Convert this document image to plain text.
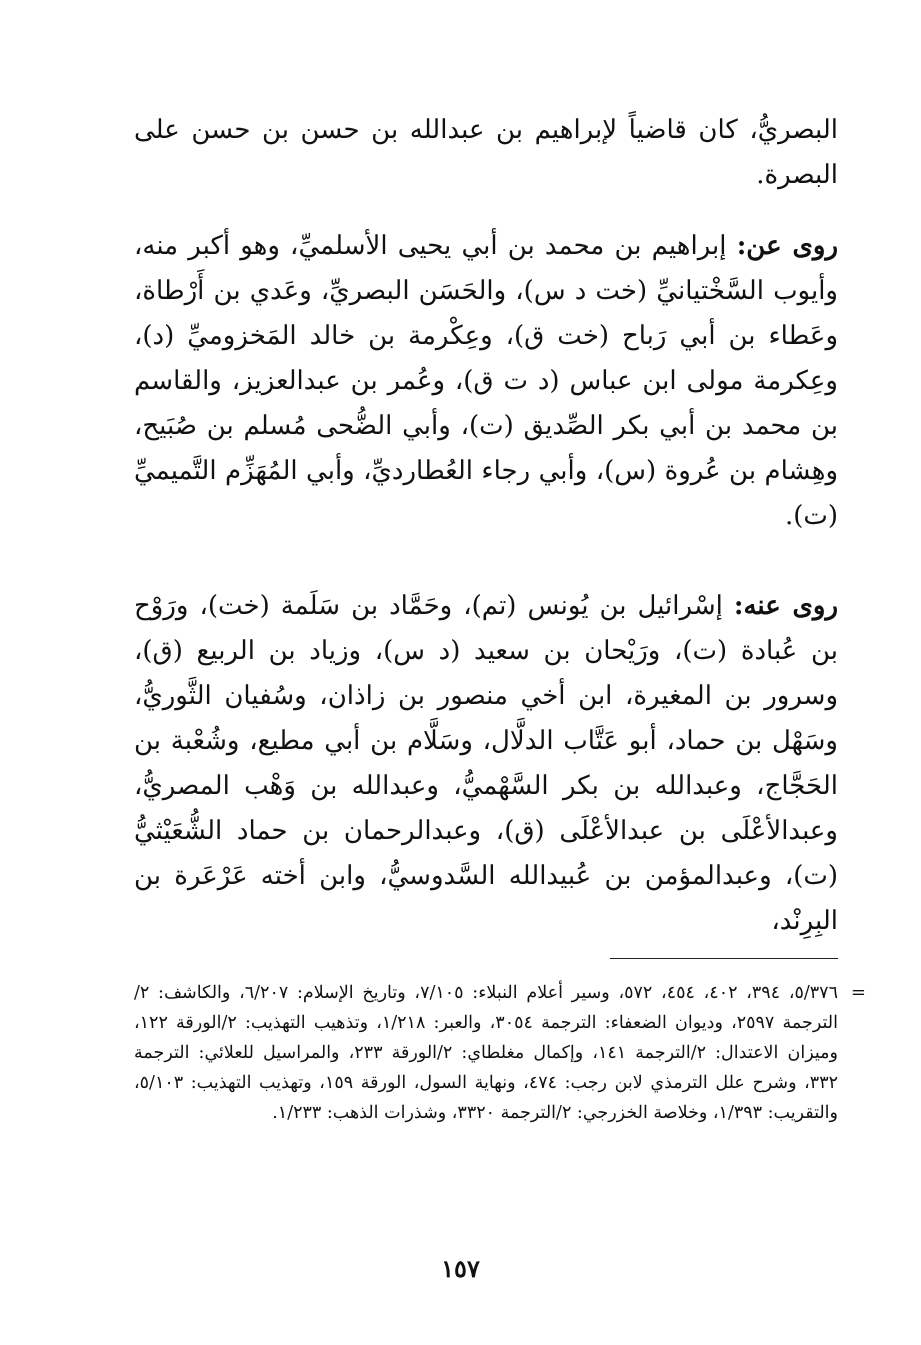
البصريُّ، كان قاضياً لإبراهيم بن عبدالله بن حسن بن حسن على البصرة.

روى عن: إبراهيم بن محمد بن أبي يحيى الأسلميِّ، وهو أكبر منه، وأيوب السَّخْتيانيِّ (خت د س)، والحَسَن البصريِّ، وعَدي بن أَرْطاة، وعَطاء بن أبي رَباح (خت ق)، وعِكْرمة بن خالد المَخزوميِّ (د)، وعِكرمة مولى ابن عباس (د ت ق)، وعُمر بن عبدالعزيز، والقاسم بن محمد بن أبي بكر الصِّديق (ت)، وأبي الضُّحى مُسلم بن صُبَيح، وهِشام بن عُروة (س)، وأبي رجاء العُطارديِّ، وأبي المُهَزِّم التَّميميِّ (ت).

روى عنه: إسْرائيل بن يُونس (تم)، وحَمَّاد بن سَلَمة (خت)، ورَوْح بن عُبادة (ت)، ورَيْحان بن سعيد (د س)، وزياد بن الربيع (ق)، وسرور بن المغيرة، ابن أخي منصور بن زاذان، وسُفيان الثَّوريُّ، وسَهْل بن حماد، أبو عَتَّاب الدلَّال، وسَلَّام بن أبي مطيع، وشُعْبة بن الحَجَّاج، وعبدالله بن بكر السَّهْميُّ، وعبدالله بن وَهْب المصريُّ، وعبدالأعْلَى بن عبدالأعْلَى (ق)، وعبدالرحمان بن حماد الشُّعَيْثيُّ (ت)، وعبدالمؤمن بن عُبيدالله السَّدوسيُّ، وابن أخته عَرْعَرة بن البِرِنْد،

=
٥/٣٧٦، ٣٩٤، ٤٠٢، ٤٥٤، ٥٧٢، وسير أعلام النبلاء: ٧/١٠٥، وتاريخ الإسلام: ٦/٢٠٧، والكاشف: ٢/الترجمة ٢٥٩٧، وديوان الضعفاء: الترجمة ٣٠٥٤، والعبر: ١/٢١٨، وتذهيب التهذيب: ٢/الورقة ١٢٢، وميزان الاعتدال: ٢/الترجمة ١٤١، وإكمال مغلطاي: ٢/الورقة ٢٣٣، والمراسيل للعلائي: الترجمة ٣٣٢، وشرح علل الترمذي لابن رجب: ٤٧٤، ونهاية السول، الورقة ١٥٩، وتهذيب التهذيب: ٥/١٠٣، والتقريب: ١/٣٩٣، وخلاصة الخزرجي: ٢/الترجمة ٣٣٢٠، وشذرات الذهب: ١/٢٣٣.
١٥٧
